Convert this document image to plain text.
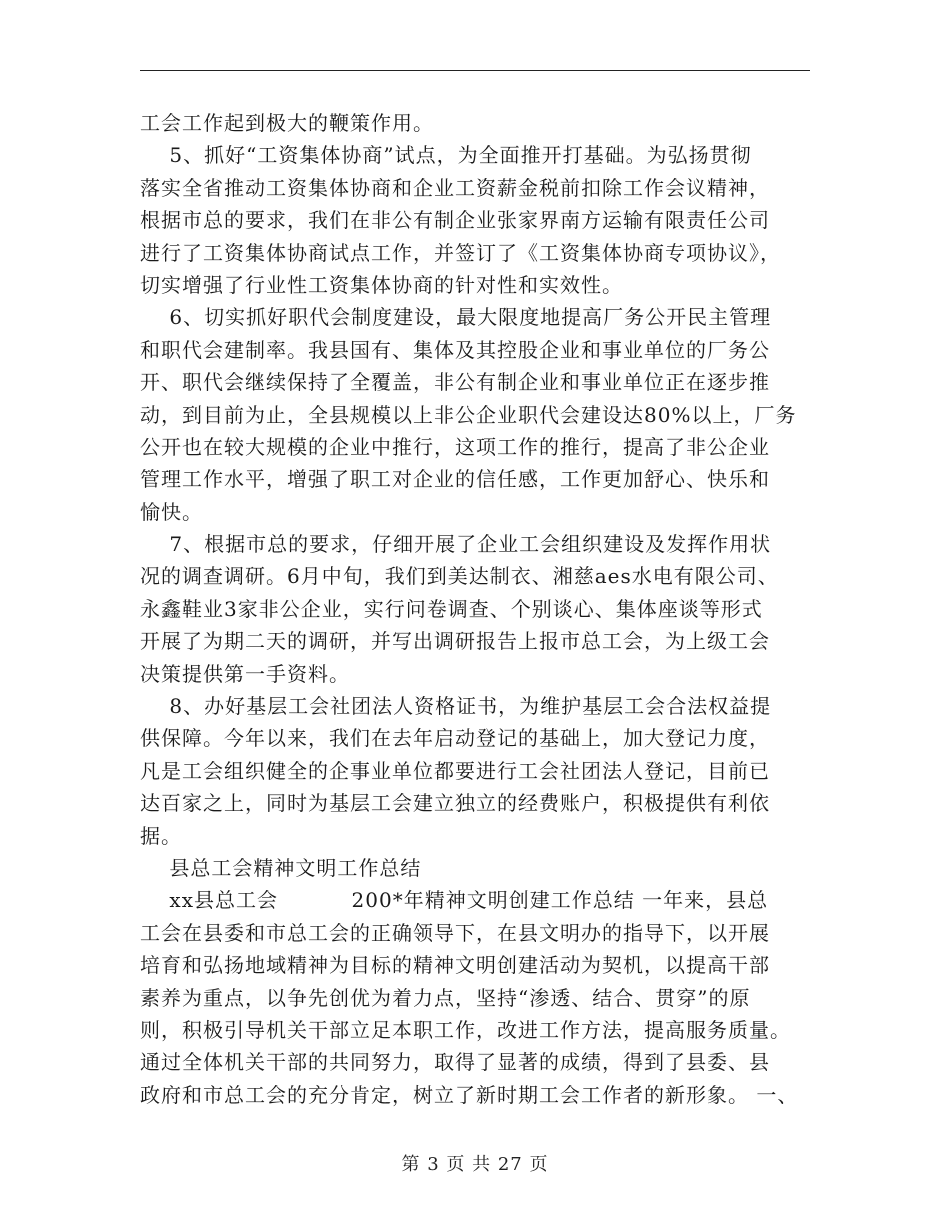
工会工作起到极大的鞭策作用。
5、抓好“工资集体协商”试点，为全面推开打基础。为弘扬贯彻
落实全省推动工资集体协商和企业工资薪金税前扣除工作会议精神，
根据市总的要求，我们在非公有制企业张家界南方运输有限责任公司
进行了工资集体协商试点工作，并签订了《工资集体协商专项协议》，
切实增强了行业性工资集体协商的针对性和实效性。
6、切实抓好职代会制度建设，最大限度地提高厂务公开民主管理
和职代会建制率。我县国有、集体及其控股企业和事业单位的厂务公
开、职代会继续保持了全覆盖，非公有制企业和事业单位正在逐步推
动，到目前为止，全县规模以上非公企业职代会建设达80%以上，厂务
公开也在较大规模的企业中推行，这项工作的推行，提高了非公企业
管理工作水平，增强了职工对企业的信任感，工作更加舒心、快乐和
愉快。
7、根据市总的要求，仔细开展了企业工会组织建设及发挥作用状
况的调查调研。6月中旬，我们到美达制衣、湘慈aes水电有限公司、
永鑫鞋业3家非公企业，实行问卷调查、个别谈心、集体座谈等形式
开展了为期二天的调研，并写出调研报告上报市总工会，为上级工会
决策提供第一手资料。
8、办好基层工会社团法人资格证书，为维护基层工会合法权益提
供保障。今年以来，我们在去年启动登记的基础上，加大登记力度，
凡是工会组织健全的企事业单位都要进行工会社团法人登记，目前已
达百家之上，同时为基层工会建立独立的经费账户，积极提供有利依
据。
县总工会精神文明工作总结
xx县总工会          200*年精神文明创建工作总结 一年来，县总
工会在县委和市总工会的正确领导下，在县文明办的指导下，以开展
培育和弘扬地域精神为目标的精神文明创建活动为契机，以提高干部
素养为重点，以争先创优为着力点，坚持“渗透、结合、贯穿”的原
则，积极引导机关干部立足本职工作，改进工作方法，提高服务质量。
通过全体机关干部的共同努力，取得了显著的成绩，得到了县委、县
政府和市总工会的充分肯定，树立了新时期工会工作者的新形象。 一、
第 3 页 共 27 页
